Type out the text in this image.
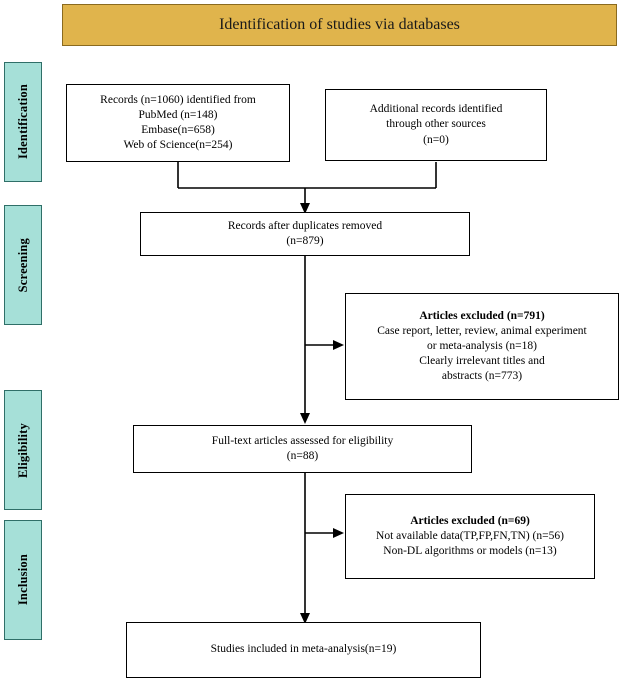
Identification of studies via databases
Identification
Screening
Eligibility
Inclusion
Records (n=1060) identified from
PubMed (n=148)
Embase(n=658)
Web of Science(n=254)
Additional records identified
through other sources
(n=0)
Records after duplicates removed
(n=879)
Articles excluded (n=791)
Case report, letter, review, animal experiment
or meta-analysis (n=18)
Clearly irrelevant titles and
abstracts (n=773)
Full-text articles assessed for eligibility
(n=88)
Articles excluded (n=69)
Not available data(TP,FP,FN,TN) (n=56)
Non-DL algorithms or models (n=13)
Studies included in meta-analysis(n=19)
